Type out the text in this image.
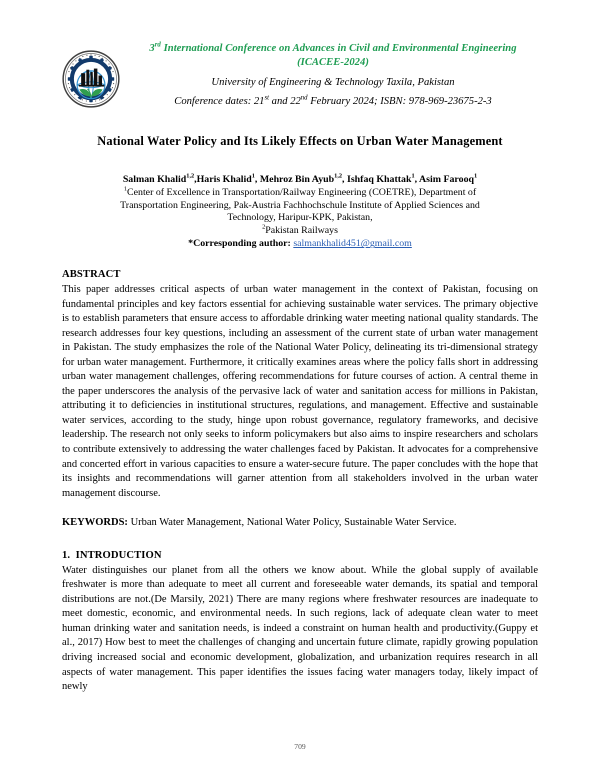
3rd International Conference on Advances in Civil and Environmental Engineering (ICACEE-2024)
University of Engineering & Technology Taxila, Pakistan
Conference dates: 21st and 22nd February 2024; ISBN: 978-969-23675-2-3
National Water Policy and Its Likely Effects on Urban Water Management
Salman Khalid$^{1,2}$,Haris Khalid$^1$, Mehroz Bin Ayub$^{1,2}$, Ishfaq Khattak$^1$, Asim Farooq$^1$
$^1$Center of Excellence in Transportation/Railway Engineering (COETRE), Department of
Transportation Engineering, Pak-Austria Fachhochschule Institute of Applied Sciences and
Technology, Haripur-KPK, Pakistan,
$^2$Pakistan Railways
*Corresponding author: salmankhalid451@gmail.com
ABSTRACT
This paper addresses critical aspects of urban water management in the context of Pakistan, focusing on fundamental principles and key factors essential for achieving sustainable water services. The primary objective is to establish parameters that ensure access to affordable drinking water meeting national quality standards. The research addresses four key questions, including an assessment of the current state of urban water management in Pakistan. The study emphasizes the role of the National Water Policy, delineating its tri-dimensional strategy for urban water management. Furthermore, it critically examines areas where the policy falls short in addressing urban water management challenges, offering recommendations for future courses of action. A central theme in the paper underscores the analysis of the pervasive lack of water and sanitation access for millions in Pakistan, attributing it to deficiencies in institutional structures, regulations, and management. Effective and sustainable water services, according to the study, hinge upon robust governance, regulatory frameworks, and decisive leadership. The research not only seeks to inform policymakers but also aims to inspire researchers and scholars to contribute extensively to addressing the water challenges faced by Pakistan. It advocates for a comprehensive and concerted effort in various capacities to ensure a water-secure future. The paper concludes with the hope that its insights and recommendations will garner attention from all stakeholders involved in the urban water management discourse.
KEYWORDS: Urban Water Management, National Water Policy, Sustainable Water Service.
1. INTRODUCTION
Water distinguishes our planet from all the others we know about. While the global supply of available freshwater is more than adequate to meet all current and foreseeable water demands, its spatial and temporal distributions are not.(De Marsily, 2021) There are many regions where freshwater resources are inadequate to meet domestic, economic, and environmental needs. In such regions, lack of adequate clean water to meet human drinking water and sanitation needs, is indeed a constraint on human health and productivity.(Guppy et al., 2017) How best to meet the challenges of changing and uncertain future climate, rapidly growing population driving increased social and economic development, globalization, and urbanization requires research in all aspects of water management. This paper identifies the issues facing water managers today, likely impact of newly
709
